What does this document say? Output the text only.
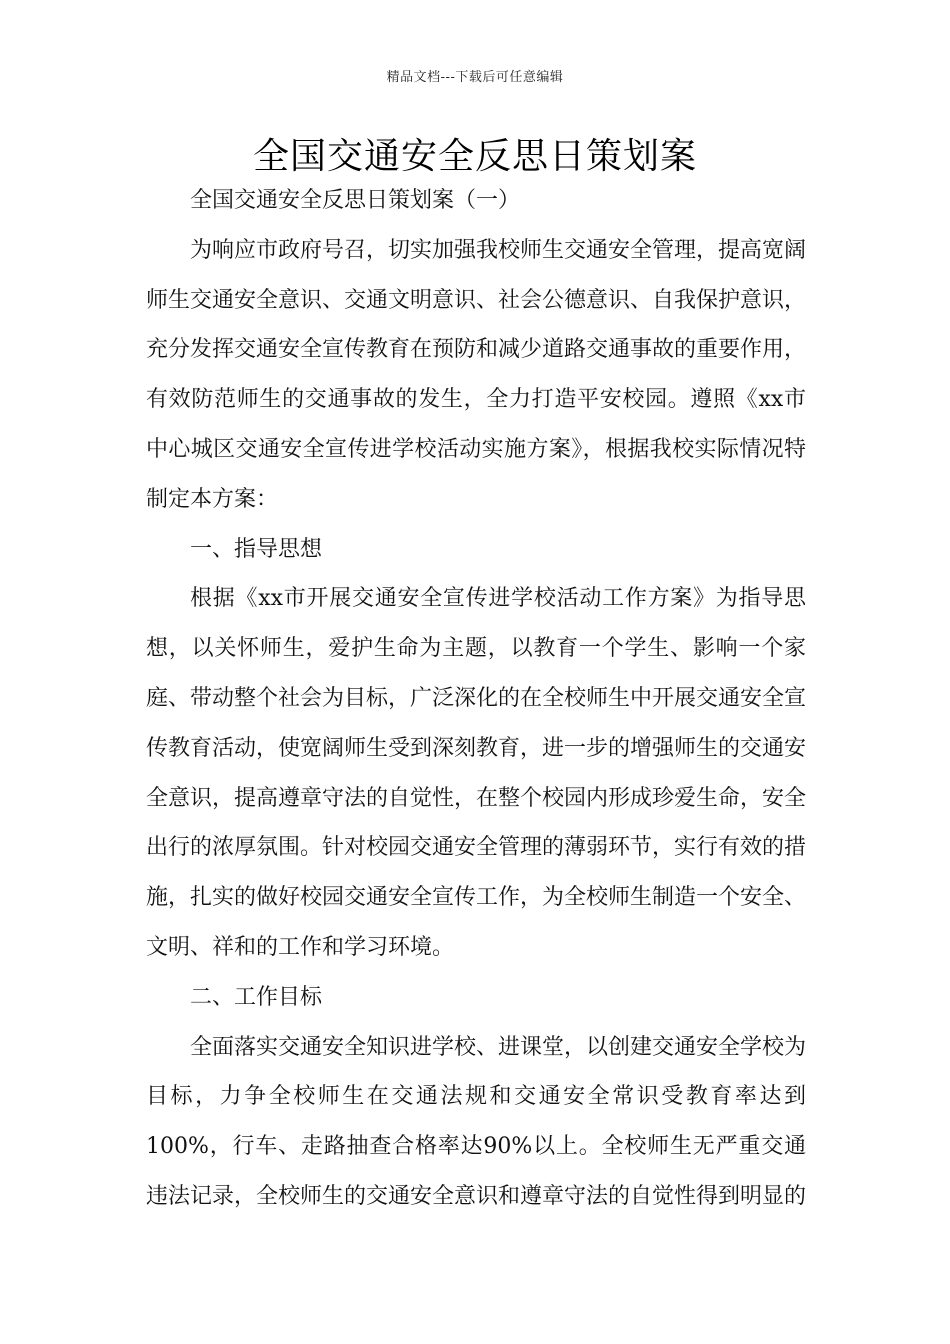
精品文档---下载后可任意编辑
全国交通安全反思日策划案

全国交通安全反思日策划案（一）

为响应市政府号召，切实加强我校师生交通安全管理，提高宽阔师生交通安全意识、交通文明意识、社会公德意识、自我保护意识，充分发挥交通安全宣传教育在预防和减少道路交通事故的重要作用，有效防范师生的交通事故的发生，全力打造平安校园。遵照《xx市中心城区交通安全宣传进学校活动实施方案》，根据我校实际情况特制定本方案：

一、指导思想

根据《xx市开展交通安全宣传进学校活动工作方案》为指导思想，以关怀师生，爱护生命为主题，以教育一个学生、影响一个家庭、带动整个社会为目标，广泛深化的在全校师生中开展交通安全宣传教育活动，使宽阔师生受到深刻教育，进一步的增强师生的交通安全意识，提高遵章守法的自觉性，在整个校园内形成珍爱生命，安全出行的浓厚氛围。针对校园交通安全管理的薄弱环节，实行有效的措施，扎实的做好校园交通安全宣传工作，为全校师生制造一个安全、文明、祥和的工作和学习环境。

二、工作目标

全面落实交通安全知识进学校、进课堂，以创建交通安全学校为目标，力争全校师生在交通法规和交通安全常识受教育率达到100%，行车、走路抽查合格率达90%以上。全校师生无严重交通违法记录，全校师生的交通安全意识和遵章守法的自觉性得到明显的
